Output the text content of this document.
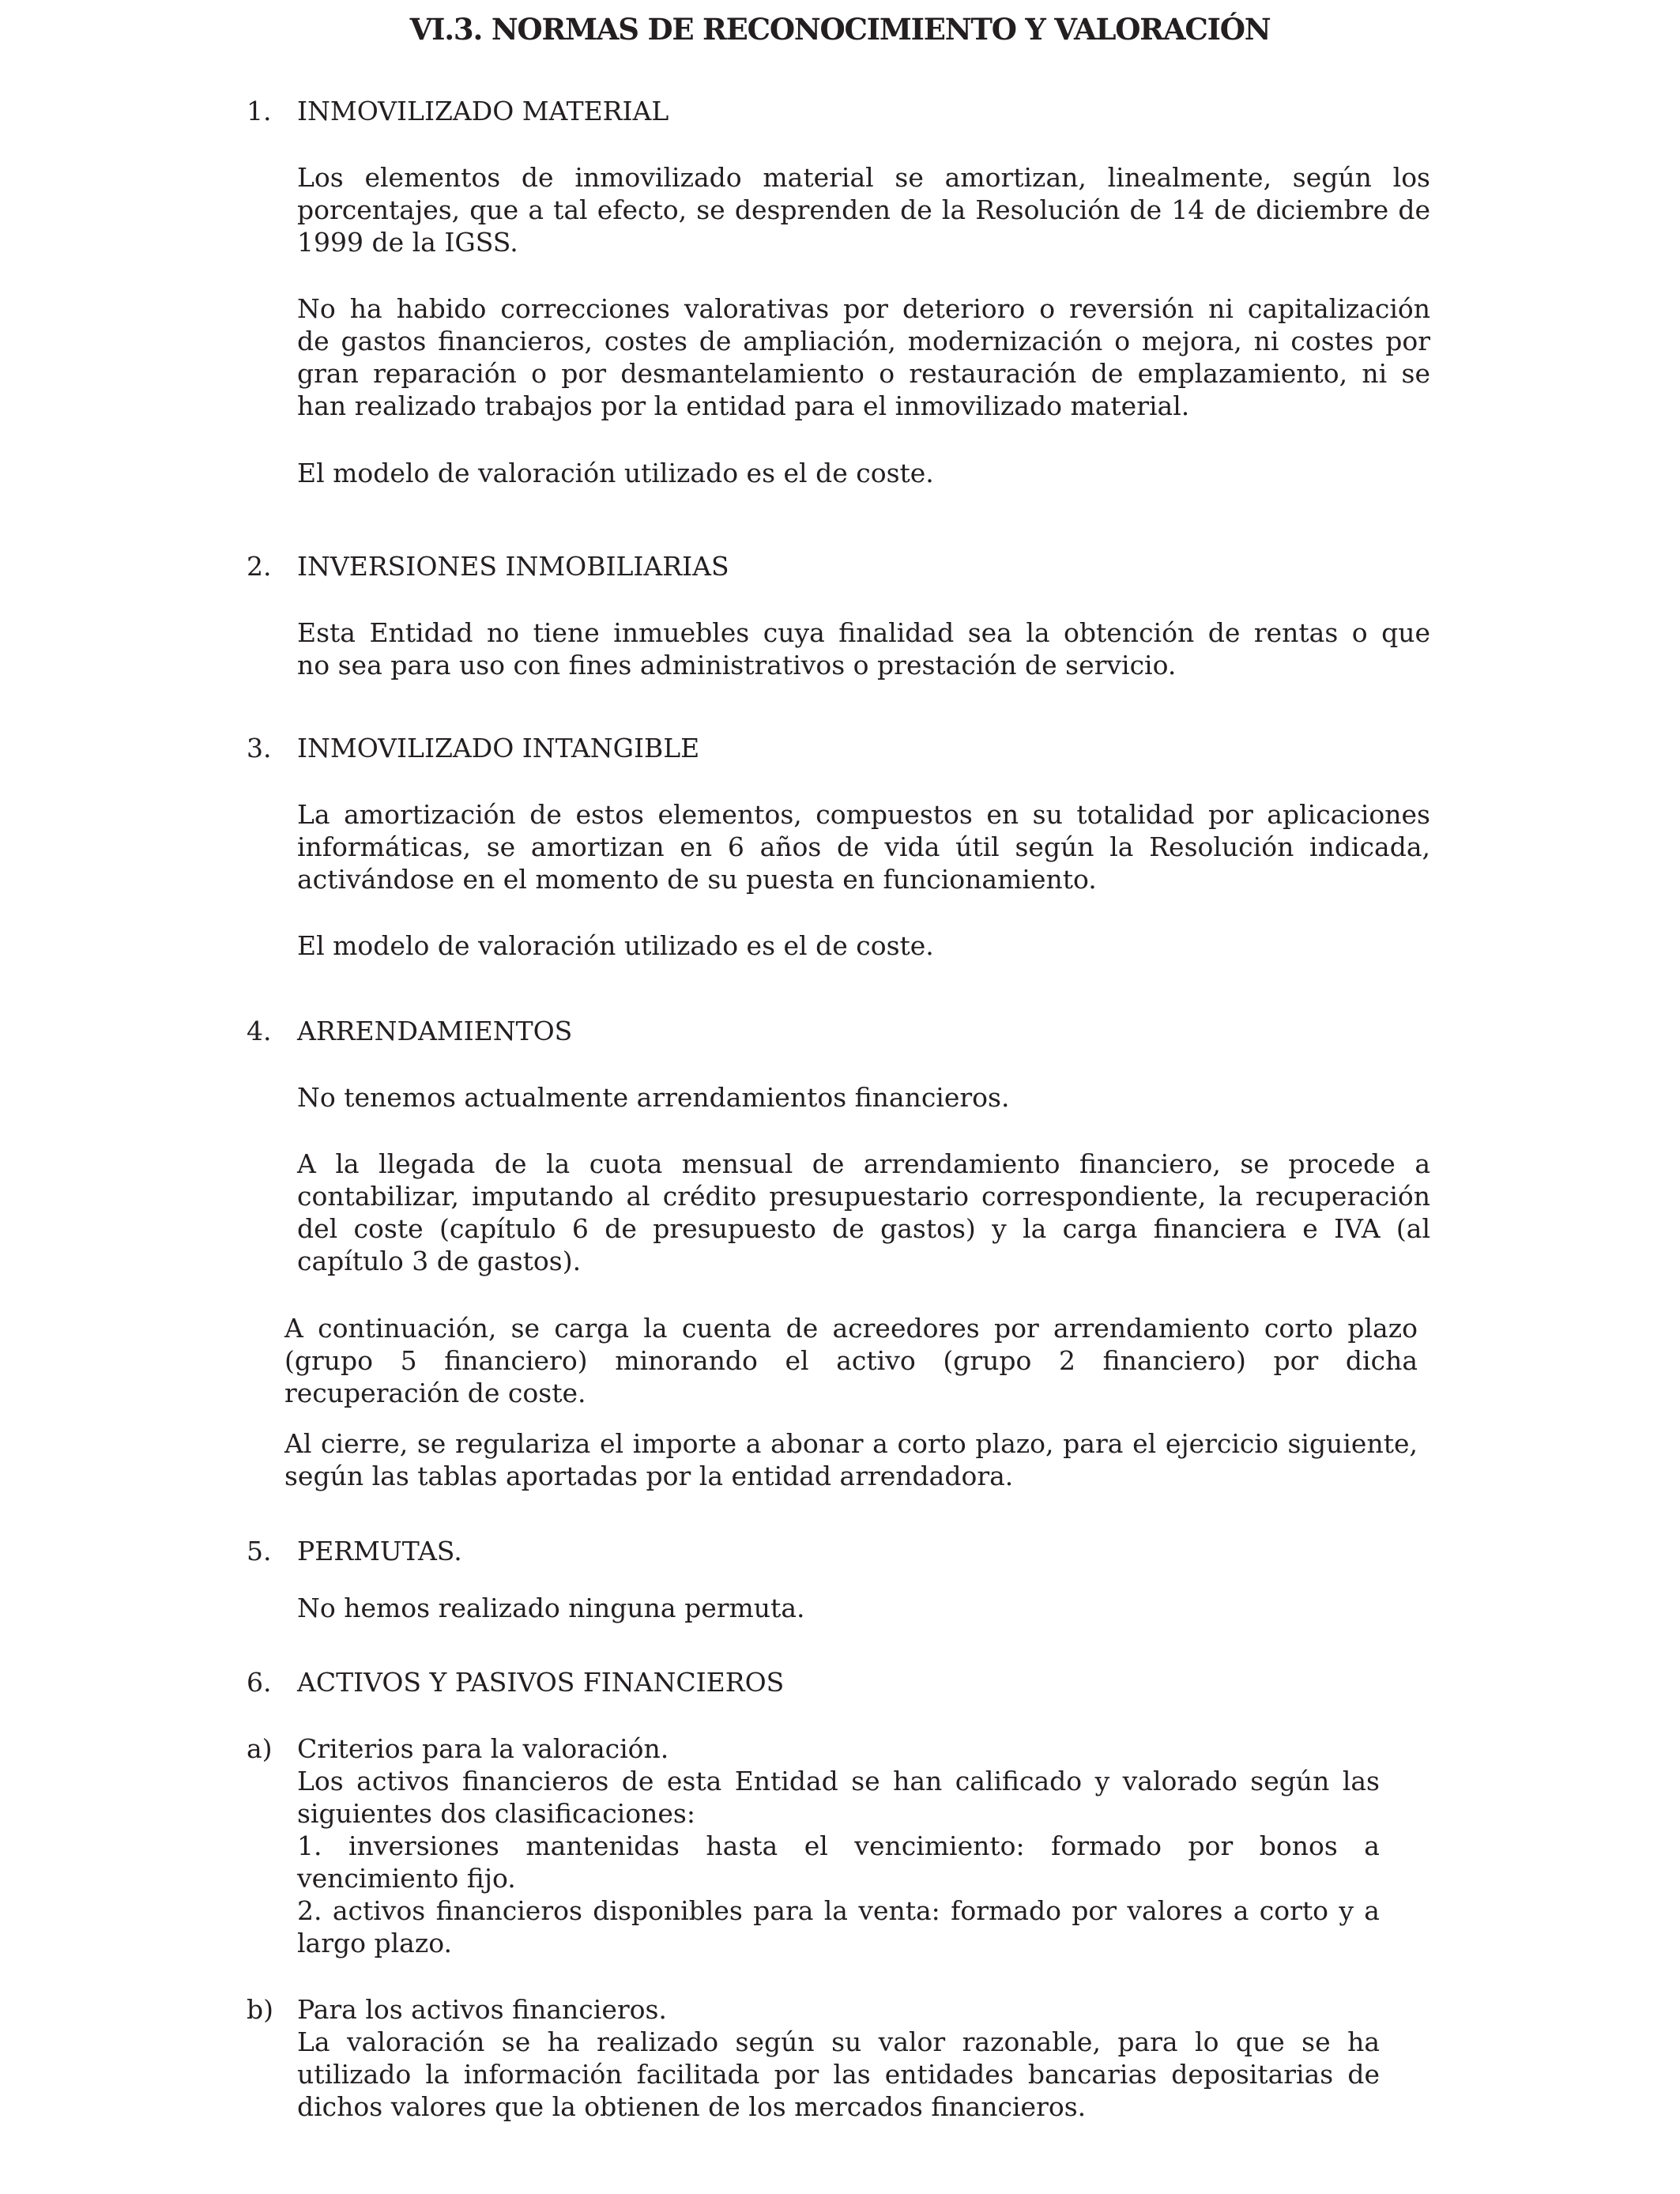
VI.3. NORMAS DE RECONOCIMIENTO Y VALORACIÓN
1. INMOVILIZADO MATERIAL
Los elementos de inmovilizado material se amortizan, linealmente, según los
porcentajes, que a tal efecto, se desprenden de la Resolución de 14 de diciembre de
1999 de la IGSS.
No ha habido correcciones valorativas por deterioro o reversión ni capitalización
de gastos financieros, costes de ampliación, modernización o mejora, ni costes por
gran reparación o por desmantelamiento o restauración de emplazamiento, ni se
han realizado trabajos por la entidad para el inmovilizado material.
El modelo de valoración utilizado es el de coste.
2. INVERSIONES INMOBILIARIAS
Esta Entidad no tiene inmuebles cuya finalidad sea la obtención de rentas o que
no sea para uso con fines administrativos o prestación de servicio.
3. INMOVILIZADO INTANGIBLE
La amortización de estos elementos, compuestos en su totalidad por aplicaciones
informáticas, se amortizan en 6 años de vida útil según la Resolución indicada,
activándose en el momento de su puesta en funcionamiento.
El modelo de valoración utilizado es el de coste.
4. ARRENDAMIENTOS
No tenemos actualmente arrendamientos financieros.
A la llegada de la cuota mensual de arrendamiento financiero, se procede a
contabilizar, imputando al crédito presupuestario correspondiente, la recuperación
del coste (capítulo 6 de presupuesto de gastos) y la carga financiera e IVA (al
capítulo 3 de gastos).
A continuación, se carga la cuenta de acreedores por arrendamiento corto plazo
(grupo 5 financiero) minorando el activo (grupo 2 financiero) por dicha
recuperación de coste.
Al cierre, se regulariza el importe a abonar a corto plazo, para el ejercicio siguiente,
según las tablas aportadas por la entidad arrendadora.
5. PERMUTAS.
No hemos realizado ninguna permuta.
6. ACTIVOS Y PASIVOS FINANCIEROS
a) Criterios para la valoración.
Los activos financieros de esta Entidad se han calificado y valorado según las
siguientes dos clasificaciones:
1. inversiones mantenidas hasta el vencimiento: formado por bonos a
vencimiento fijo.
2. activos financieros disponibles para la venta: formado por valores a corto y a
largo plazo.
b) Para los activos financieros.
La valoración se ha realizado según su valor razonable, para lo que se ha
utilizado la información facilitada por las entidades bancarias depositarias de
dichos valores que la obtienen de los mercados financieros.
